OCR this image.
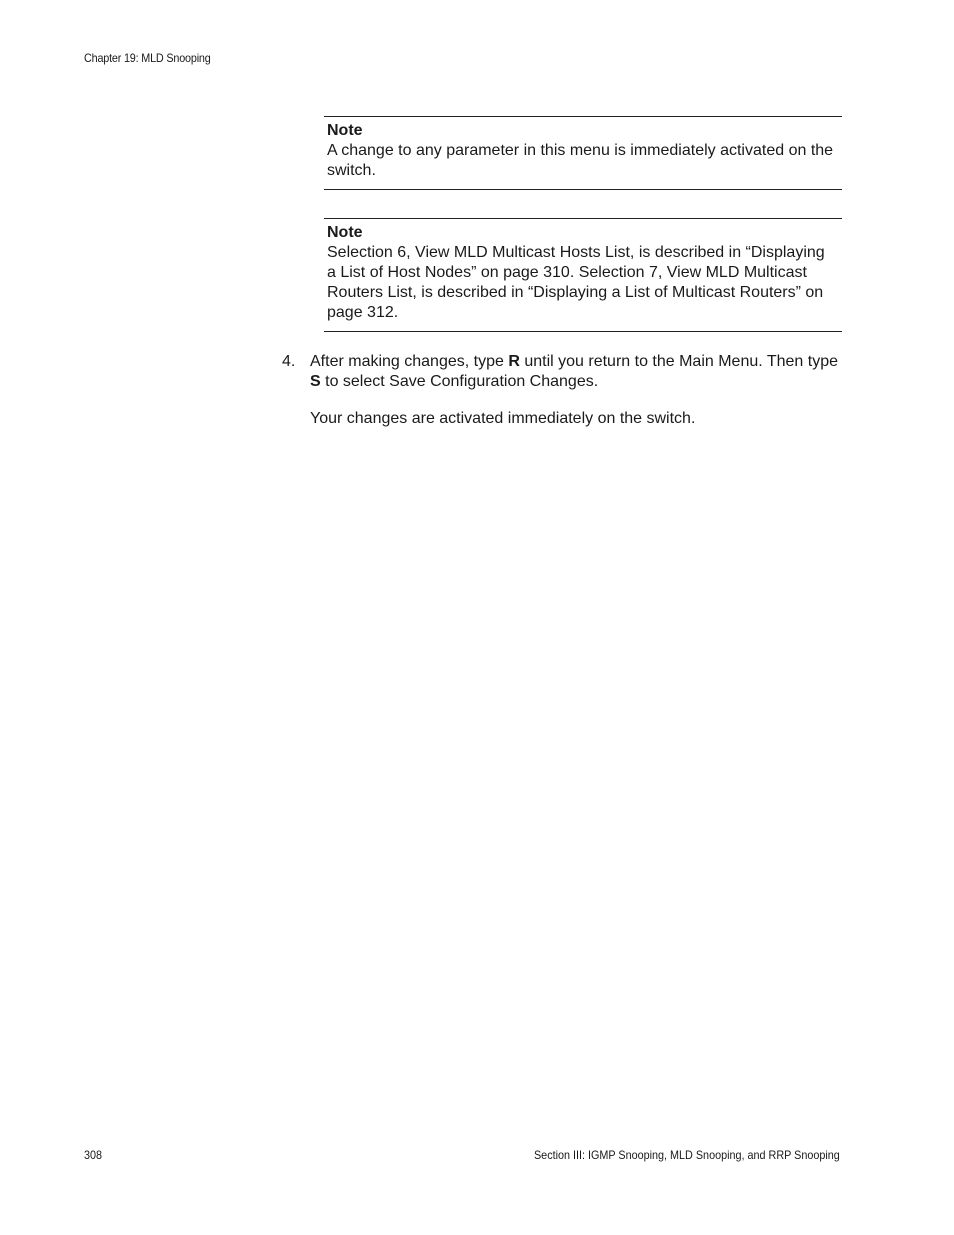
Chapter 19: MLD Snooping
Note
A change to any parameter in this menu is immediately activated on the switch.
Note
Selection 6, View MLD Multicast Hosts List, is described in “Displaying a List of Host Nodes” on page 310. Selection 7, View MLD Multicast Routers List, is described in “Displaying a List of Multicast Routers” on page 312.
4. After making changes, type R until you return to the Main Menu. Then type S to select Save Configuration Changes.
Your changes are activated immediately on the switch.
308	Section III: IGMP Snooping, MLD Snooping, and RRP Snooping
